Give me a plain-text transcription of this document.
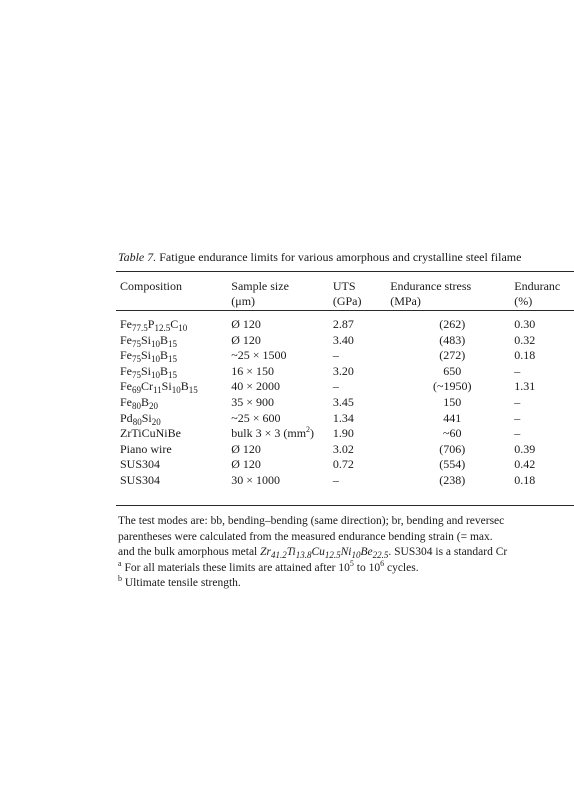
Table 7. Fatigue endurance limits for various amorphous and crystalline steel filame
Composition	Sample size	UTS	Endurance stress	Enduranc
	(μm)	(GPa)	(MPa)	(%)
$Fe_{77.5}P_{12.5}C_{10}$	Ø 120	2.87	(262)	0.30
$Fe_{75}Si_{10}B_{15}$	Ø 120	3.40	(483)	0.32
$Fe_{75}Si_{10}B_{15}$	~25 × 1500	–	(272)	0.18
$Fe_{75}Si_{10}B_{15}$	16 × 150	3.20	650	–
$Fe_{69}Cr_{11}Si_{10}B_{15}$	40 × 2000	–	(~1950)	1.31
$Fe_{80}B_{20}$	35 × 900	3.45	150	–
$Pd_{80}Si_{20}$	~25 × 600	1.34	441	–
ZrTiCuNiBe	bulk 3 × 3 $(mm^2)$	1.90	~60	–
Piano wire	Ø 120	3.02	(706)	0.39
SUS304	Ø 120	0.72	(554)	0.42
SUS304	30 × 1000	–	(238)	0.18
The test modes are: bb, bending–bending (same direction); br, bending and reversec
parentheses were calculated from the measured endurance bending strain (= max.
and the bulk amorphous metal $Zr_{41.2}Ti_{13.8}Cu_{12.5}Ni_{10}Be_{22.5}$. SUS304 is a standard Cr
$^a$ For all materials these limits are attained after $10^5$ to $10^6$ cycles.
$^b$ Ultimate tensile strength.
